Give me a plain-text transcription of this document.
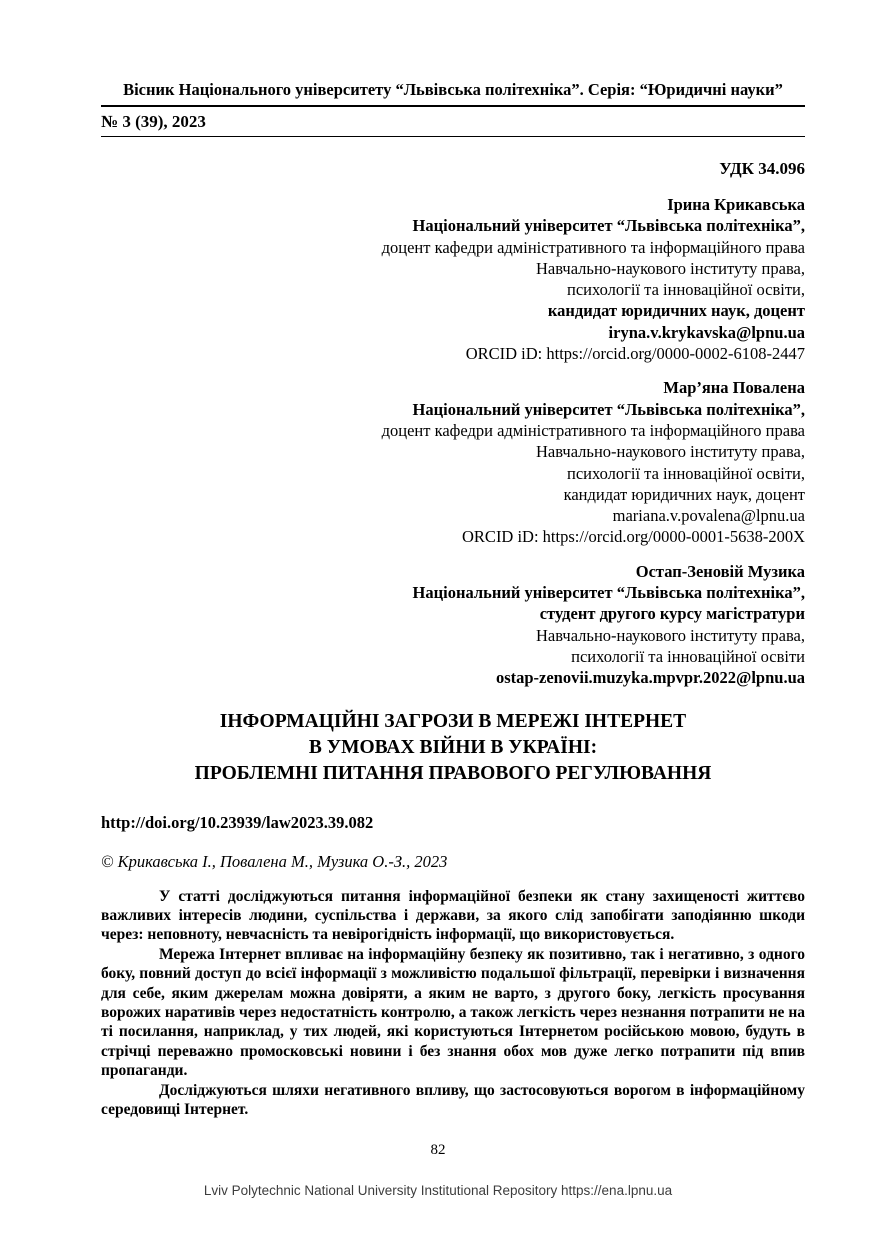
Вісник Національного університету “Львівська політехніка”. Серія: “Юридичні науки”
№ 3 (39), 2023
УДК 34.096
Ірина Крикавська
Національний університет “Львівська політехніка”,
доцент кафедри адміністративного та інформаційного права
Навчально-наукового інституту права,
психології та інноваційної освіти,
кандидат юридичних наук, доцент
iryna.v.krykavska@lpnu.ua
ORCID iD: https://orcid.org/0000-0002-6108-2447
Мар’яна Повалена
Національний університет “Львівська політехніка”,
доцент кафедри адміністративного та інформаційного права
Навчально-наукового інституту права,
психології та інноваційної освіти,
кандидат юридичних наук, доцент
mariana.v.povalena@lpnu.ua
ORCID iD: https://orcid.org/0000-0001-5638-200X
Остап-Зеновій Музика
Національний університет “Львівська політехніка”,
студент другого курсу магістратури
Навчально-наукового інституту права,
психології та інноваційної освіти
ostap-zenovii.muzyka.mpvpr.2022@lpnu.ua
ІНФОРМАЦІЙНІ ЗАГРОЗИ В МЕРЕЖІ ІНТЕРНЕТ
В УМОВАХ ВІЙНИ В УКРАЇНІ:
ПРОБЛЕМНІ ПИТАННЯ ПРАВОВОГО РЕГУЛЮВАННЯ
http://doi.org/10.23939/law2023.39.082
© Крикавська І., Повалена М., Музика О.-З., 2023

У статті досліджуються питання інформаційної безпеки як стану захищеності життєво важливих інтересів людини, суспільства і держави, за якого слід запобігати заподіянню шкоди через: неповноту, невчасність та невірогідність інформації, що використовується.

Мережа Інтернет впливає на інформаційну безпеку як позитивно, так і негативно, з одного боку, повний доступ до всієї інформації з можливістю подальшої фільтрації, перевірки і визначення для себе, яким джерелам можна довіряти, а яким не варто, з другого боку, легкість просування ворожих наративів через недостатність контролю, а також легкість через незнання потрапити не на ті посилання, наприклад, у тих людей, які користуються Інтернетом російською мовою, будуть в стрічці переважно промосковські новини і без знання обох мов дуже легко потрапити під впив пропаганди.

Досліджуються шляхи негативного впливу, що застосовуються ворогом в інформаційному середовищі Інтернет.

82
Lviv Polytechnic National University Institutional Repository https://ena.lpnu.ua
